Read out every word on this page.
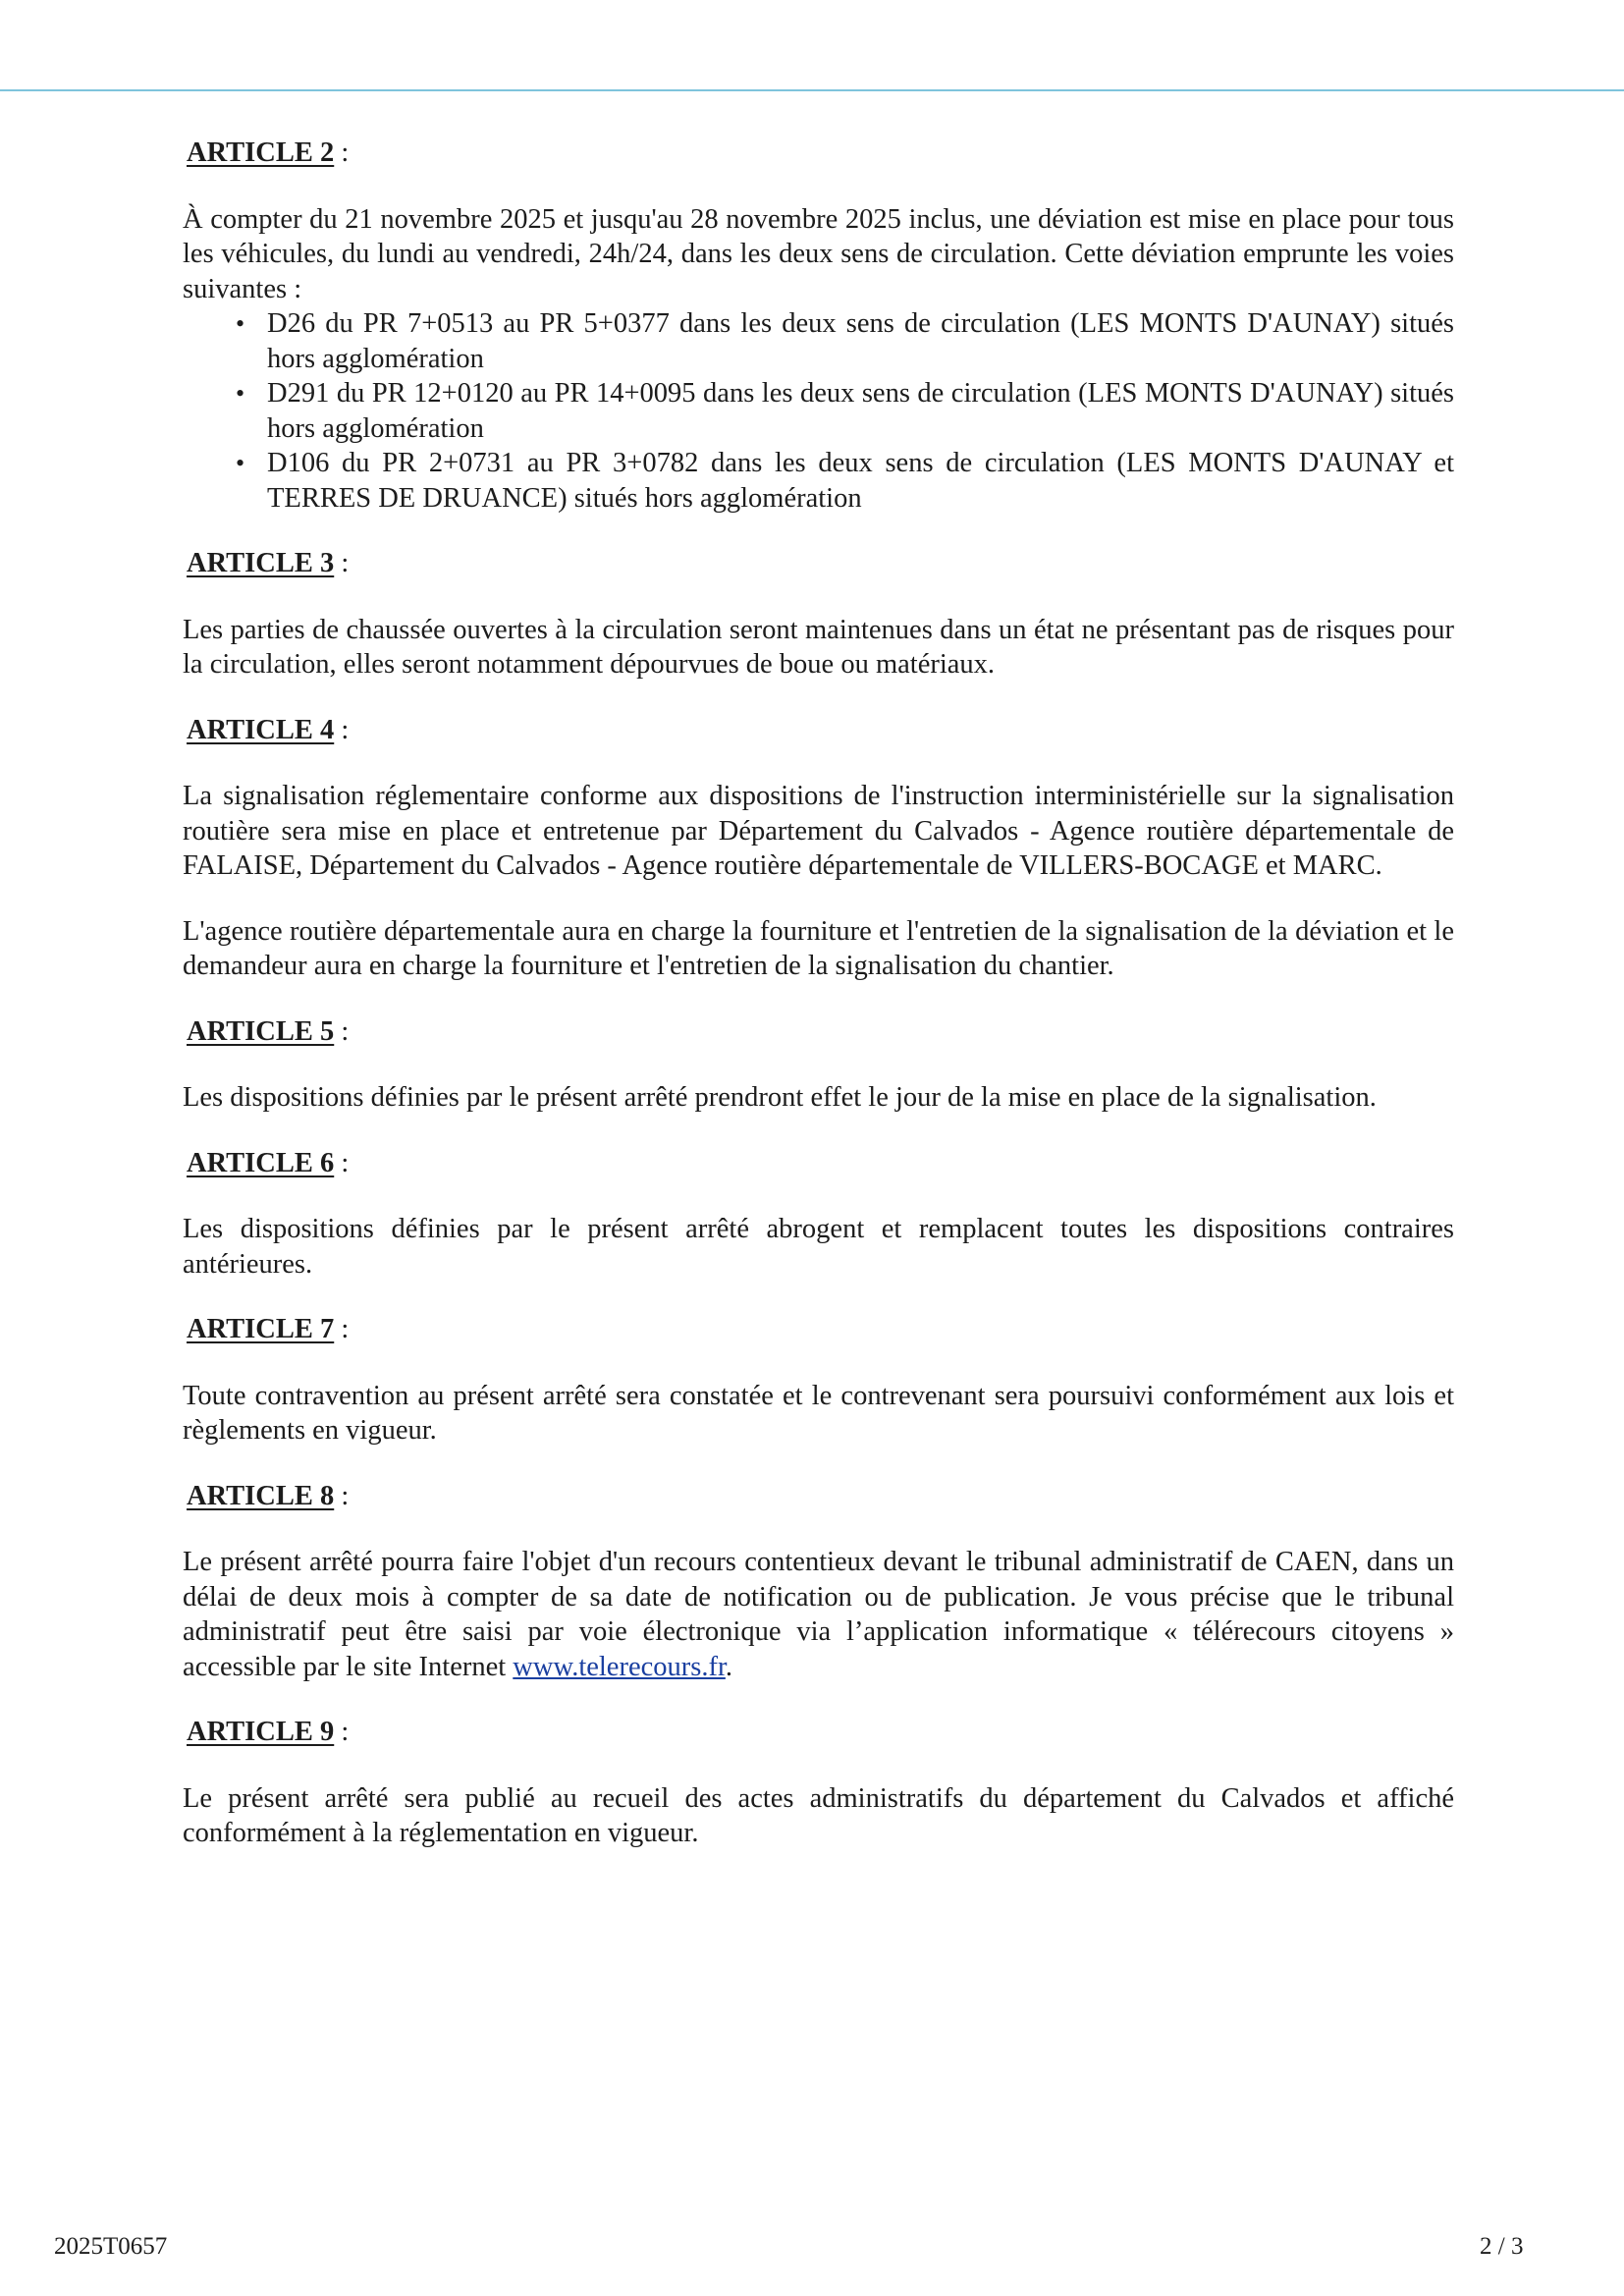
ARTICLE 2 :

À compter du 21 novembre 2025 et jusqu'au 28 novembre 2025 inclus, une déviation est mise en place pour tous les véhicules, du lundi au vendredi, 24h/24, dans les deux sens de circulation. Cette déviation emprunte les voies suivantes :

• D26 du PR 7+0513 au PR 5+0377 dans les deux sens de circulation (LES MONTS D'AUNAY) situés hors agglomération
• D291 du PR 12+0120 au PR 14+0095 dans les deux sens de circulation (LES MONTS D'AUNAY) situés hors agglomération
• D106 du PR 2+0731 au PR 3+0782 dans les deux sens de circulation (LES MONTS D'AUNAY et TERRES DE DRUANCE) situés hors agglomération
ARTICLE 3 :

Les parties de chaussée ouvertes à la circulation seront maintenues dans un état ne présentant pas de risques pour la circulation, elles seront notamment dépourvues de boue ou matériaux.

ARTICLE 4 :

La signalisation réglementaire conforme aux dispositions de l'instruction interministérielle sur la signalisation routière sera mise en place et entretenue par Département du Calvados - Agence routière départementale de FALAISE, Département du Calvados - Agence routière départementale de VILLERS-BOCAGE et MARC.

L'agence routière départementale aura en charge la fourniture et l'entretien de la signalisation de la déviation et le demandeur aura en charge la fourniture et l'entretien de la signalisation du chantier.

ARTICLE 5 :

Les dispositions définies par le présent arrêté prendront effet le jour de la mise en place de la signalisation.

ARTICLE 6 :

Les dispositions définies par le présent arrêté abrogent et remplacent toutes les dispositions contraires antérieures.

ARTICLE 7 :

Toute contravention au présent arrêté sera constatée et le contrevenant sera poursuivi conformément aux lois et règlements en vigueur.

ARTICLE 8 :

Le présent arrêté pourra faire l'objet d'un recours contentieux devant le tribunal administratif de CAEN, dans un délai de deux mois à compter de sa date de notification ou de publication. Je vous précise que le tribunal administratif peut être saisi par voie électronique via l’application informatique « télérecours citoyens » accessible par le site Internet www.telerecours.fr.

ARTICLE 9 :

Le présent arrêté sera publié au recueil des actes administratifs du département du Calvados et affiché conformément à la réglementation en vigueur.

2025T0657	2 / 3
